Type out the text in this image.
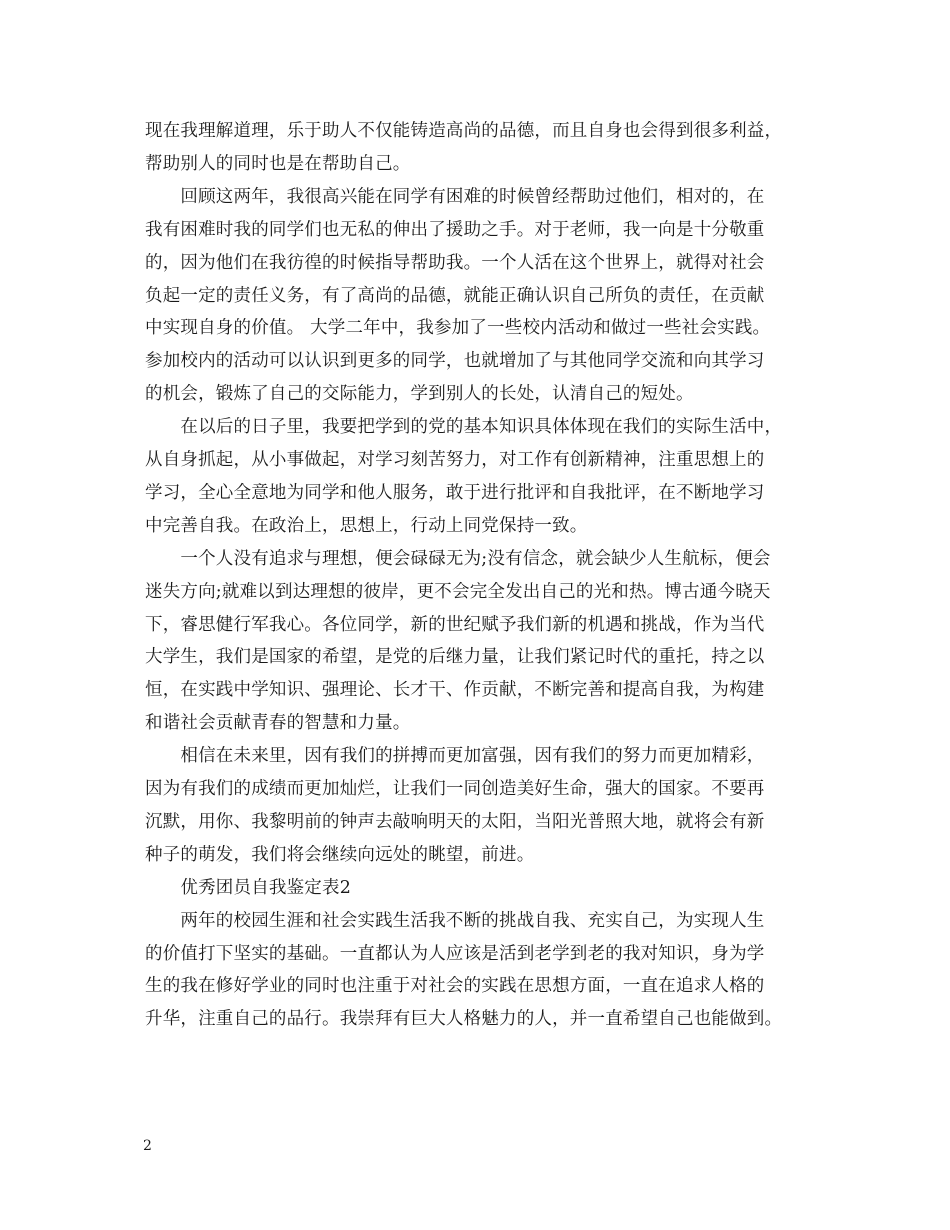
现在我理解道理，乐于助人不仅能铸造高尚的品德，而且自身也会得到很多利益，
帮助别人的同时也是在帮助自己。
　　回顾这两年，我很高兴能在同学有困难的时候曾经帮助过他们，相对的，在
我有困难时我的同学们也无私的伸出了援助之手。对于老师，我一向是十分敬重
的，因为他们在我彷徨的时候指导帮助我。一个人活在这个世界上，就得对社会
负起一定的责任义务，有了高尚的品德，就能正确认识自己所负的责任，在贡献
中实现自身的价值。 大学二年中，我参加了一些校内活动和做过一些社会实践。
参加校内的活动可以认识到更多的同学，也就增加了与其他同学交流和向其学习
的机会，锻炼了自己的交际能力，学到别人的长处，认清自己的短处。
　　在以后的日子里，我要把学到的党的基本知识具体体现在我们的实际生活中，
从自身抓起，从小事做起，对学习刻苦努力，对工作有创新精神，注重思想上的
学习，全心全意地为同学和他人服务，敢于进行批评和自我批评，在不断地学习
中完善自我。在政治上，思想上，行动上同党保持一致。
　　一个人没有追求与理想，便会碌碌无为;没有信念，就会缺少人生航标，便会
迷失方向;就难以到达理想的彼岸，更不会完全发出自己的光和热。博古通今晓天
下，睿思健行军我心。各位同学，新的世纪赋予我们新的机遇和挑战，作为当代
大学生，我们是国家的希望，是党的后继力量，让我们紧记时代的重托，持之以
恒，在实践中学知识、强理论、长才干、作贡献，不断完善和提高自我，为构建
和谐社会贡献青春的智慧和力量。
　　相信在未来里，因有我们的拼搏而更加富强，因有我们的努力而更加精彩，
因为有我们的成绩而更加灿烂，让我们一同创造美好生命，强大的国家。不要再
沉默，用你、我黎明前的钟声去敲响明天的太阳，当阳光普照大地，就将会有新
种子的萌发，我们将会继续向远处的眺望，前进。
　　优秀团员自我鉴定表2
　　两年的校园生涯和社会实践生活我不断的挑战自我、充实自己，为实现人生
的价值打下坚实的基础。一直都认为人应该是活到老学到老的我对知识，身为学
生的我在修好学业的同时也注重于对社会的实践在思想方面，一直在追求人格的
升华，注重自己的品行。我崇拜有巨大人格魅力的人，并一直希望自己也能做到。
2
